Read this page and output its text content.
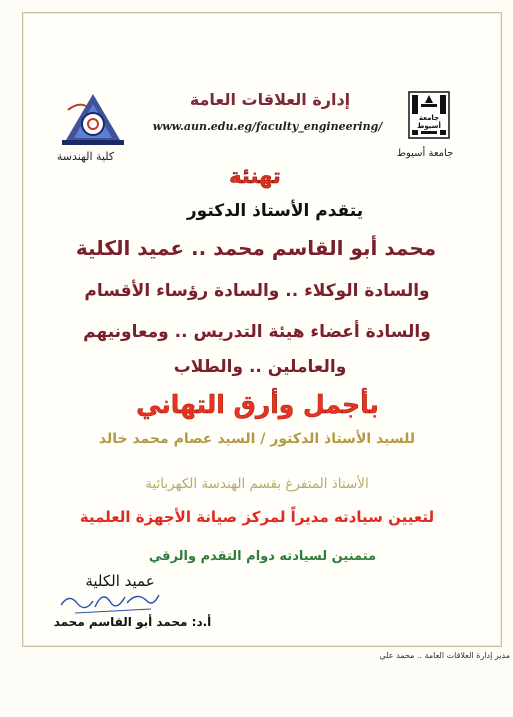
جامعة أسيوط
إدارة العلاقات العامة
www.aun.edu.eg/faculty_engineering/
كلية الهندسة	جامعة أسيوط
تهنئة
يتقدم الأستاذ الدكتور
محمد أبو القاسم محمد .. عميد الكلية
والسادة الوكلاء .. والسادة رؤساء الأقسام
والسادة أعضاء هيئة التدريس .. ومعاونيهم
والعاملين .. والطلاب
بأجمل وأرق التهاني
للسيد الأستاذ الدكتور / السيد عصام محمد خالد
الأستاذ المتفرغ بقسم الهندسة الكهربائية
لتعيين سيادته مديراً لمركز صيانة الأجهزة العلمية
متمنين لسيادته دوام التقدم والرقي
عميد الكلية
أ.د: محمد أبو القاسم محمد
مدير إدارة العلاقات العامة .. محمد علي
